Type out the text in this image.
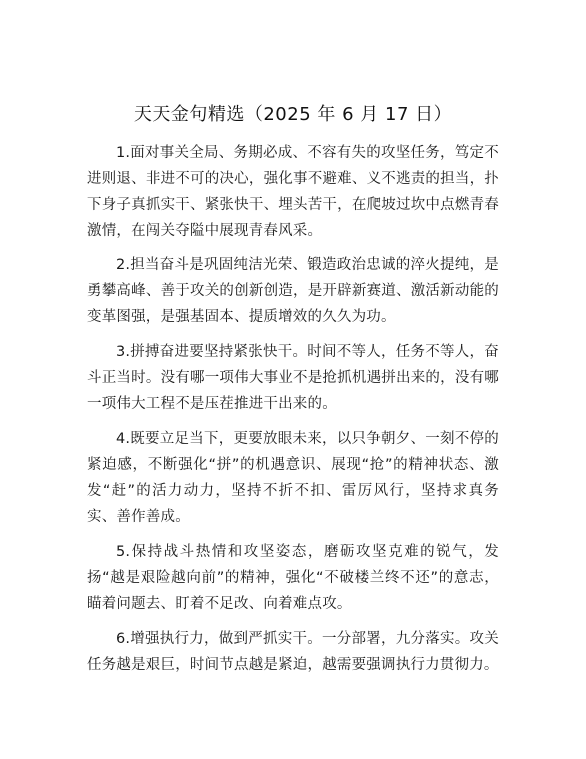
天天金句精选（2025 年 6 月 17 日）

1.面对事关全局、务期必成、不容有失的攻坚任务，笃定不进则退、非进不可的决心，强化事不避难、义不逃责的担当，扑下身子真抓实干、紧张快干、埋头苦干，在爬坡过坎中点燃青春激情，在闯关夺隘中展现青春风采。

2.担当奋斗是巩固纯洁光荣、锻造政治忠诚的淬火提纯，是勇攀高峰、善于攻关的创新创造，是开辟新赛道、激活新动能的变革图强，是强基固本、提质增效的久久为功。

3.拼搏奋进要坚持紧张快干。时间不等人，任务不等人，奋斗正当时。没有哪一项伟大事业不是抢抓机遇拼出来的，没有哪一项伟大工程不是压茬推进干出来的。

4.既要立足当下，更要放眼未来，以只争朝夕、一刻不停的紧迫感，不断强化“拼”的机遇意识、展现“抢”的精神状态、激发“赶”的活力动力，坚持不折不扣、雷厉风行，坚持求真务实、善作善成。

5.保持战斗热情和攻坚姿态，磨砺攻坚克难的锐气，发扬“越是艰险越向前”的精神，强化“不破楼兰终不还”的意志，瞄着问题去、盯着不足改、向着难点攻。

6.增强执行力，做到严抓实干。一分部署，九分落实。攻关任务越是艰巨，时间节点越是紧迫，越需要强调执行力贯彻力。
